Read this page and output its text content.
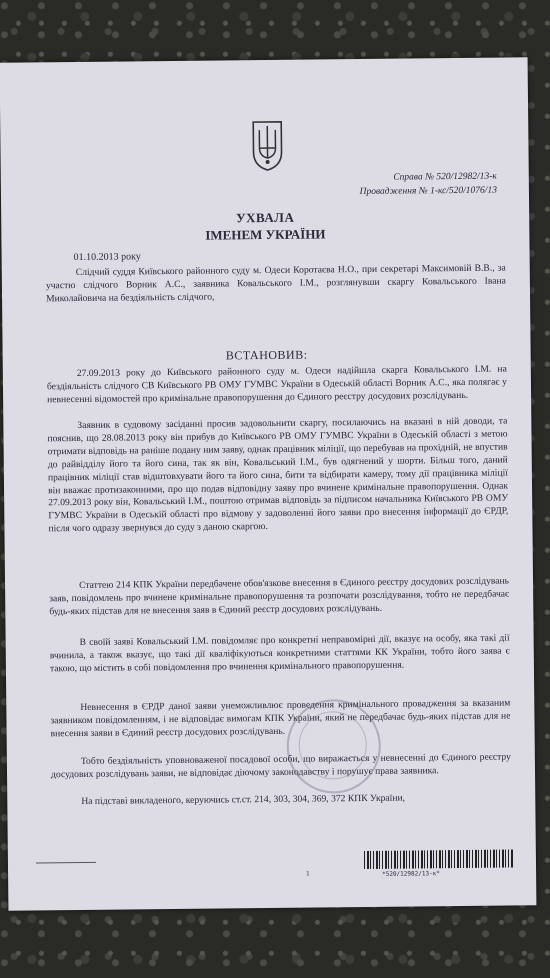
Справа № 520/12982/13-к
Провадження № 1-кс/520/1076/13
УХВАЛА
ІМЕНЕМ УКРАЇНИ
01.10.2013 року
Слідчий суддя Київського районного суду м. Одеси Коротаєва Н.О., при секретарі Максимовій В.В., за участю слідчого Ворник А.С., заявника Ковальського І.М., розглянувши скаргу Ковальського Івана Миколайовича на бездіяльність слідчого,
ВСТАНОВИВ:
27.09.2013 року до Київського районного суду м. Одеси надійшла скарга Ковальського І.М. на бездіяльність слідчого СВ Київського РВ ОМУ ГУМВС України в Одеській області Ворник А.С., яка полягає у невнесенні відомостей про кримінальне правопорушення до Єдиного реєстру досудових розслідувань.
Заявник в судовому засіданні просив задовольнити скаргу, посилаючись на вказані в ній доводи, та пояснив, що 28.08.2013 року він прибув до Київського РВ ОМУ ГУМВС України в Одеській області з метою отримати відповідь на раніше подану ним заяву, однак працівник міліції, що перебував на прохідній, не впустив до райвідділу його та його сина, так як він, Ковальський І.М., був одягнений у шорти. Більш того, даний працівник міліції став відштовхувати його та його сина, бити та відбирати камеру, тому дії працівника міліції він вважає протизаконними, про що подав відповідну заяву про вчинене кримінальне правопорушення. Однак 27.09.2013 року він, Ковальський І.М., поштою отримав відповідь за підписом начальника Київського РВ ОМУ ГУМВС України в Одеській області про відмову у задоволенні його заяви про внесення інформації до ЄРДР, після чого одразу звернувся до суду з даною скаргою.
Статтею 214 КПК України передбачене обов'язкове внесення в Єдиного реєстру досудових розслідувань заяв, повідомлень про вчинене кримінальне правопорушення та розпочати розслідування, тобто не передбачає будь-яких підстав для не внесення заяв в Єдиний реєстр досудових розслідувань.
В своїй заяві Ковальський І.М. повідомляє про конкретні неправомірні дії, вказує на особу, яка такі дії вчинила, а також вказує, що такі дії кваліфікуються конкретними статтями КК України, тобто його заява є такою, що містить в собі повідомлення про вчинення кримінального правопорушення.
Невнесення в ЄРДР даної заяви унеможливлює проведення кримінального провадження за вказаним заявником повідомленням, і не відповідає вимогам КПК України, який не передбачає будь-яких підстав для не внесення заяви в Єдиний реєстр досудових розслідувань.
Тобто бездіяльність уповноваженої посадової особи, що виражається у невнесенні до Єдиного реєстру досудових розслідувань заяви, не відповідає діючому законодавству і порушує права заявника.
На підставі викладеного, керуючись ст.ст. 214, 303, 304, 369, 372 КПК України,
1	*520/12982/13-к*
